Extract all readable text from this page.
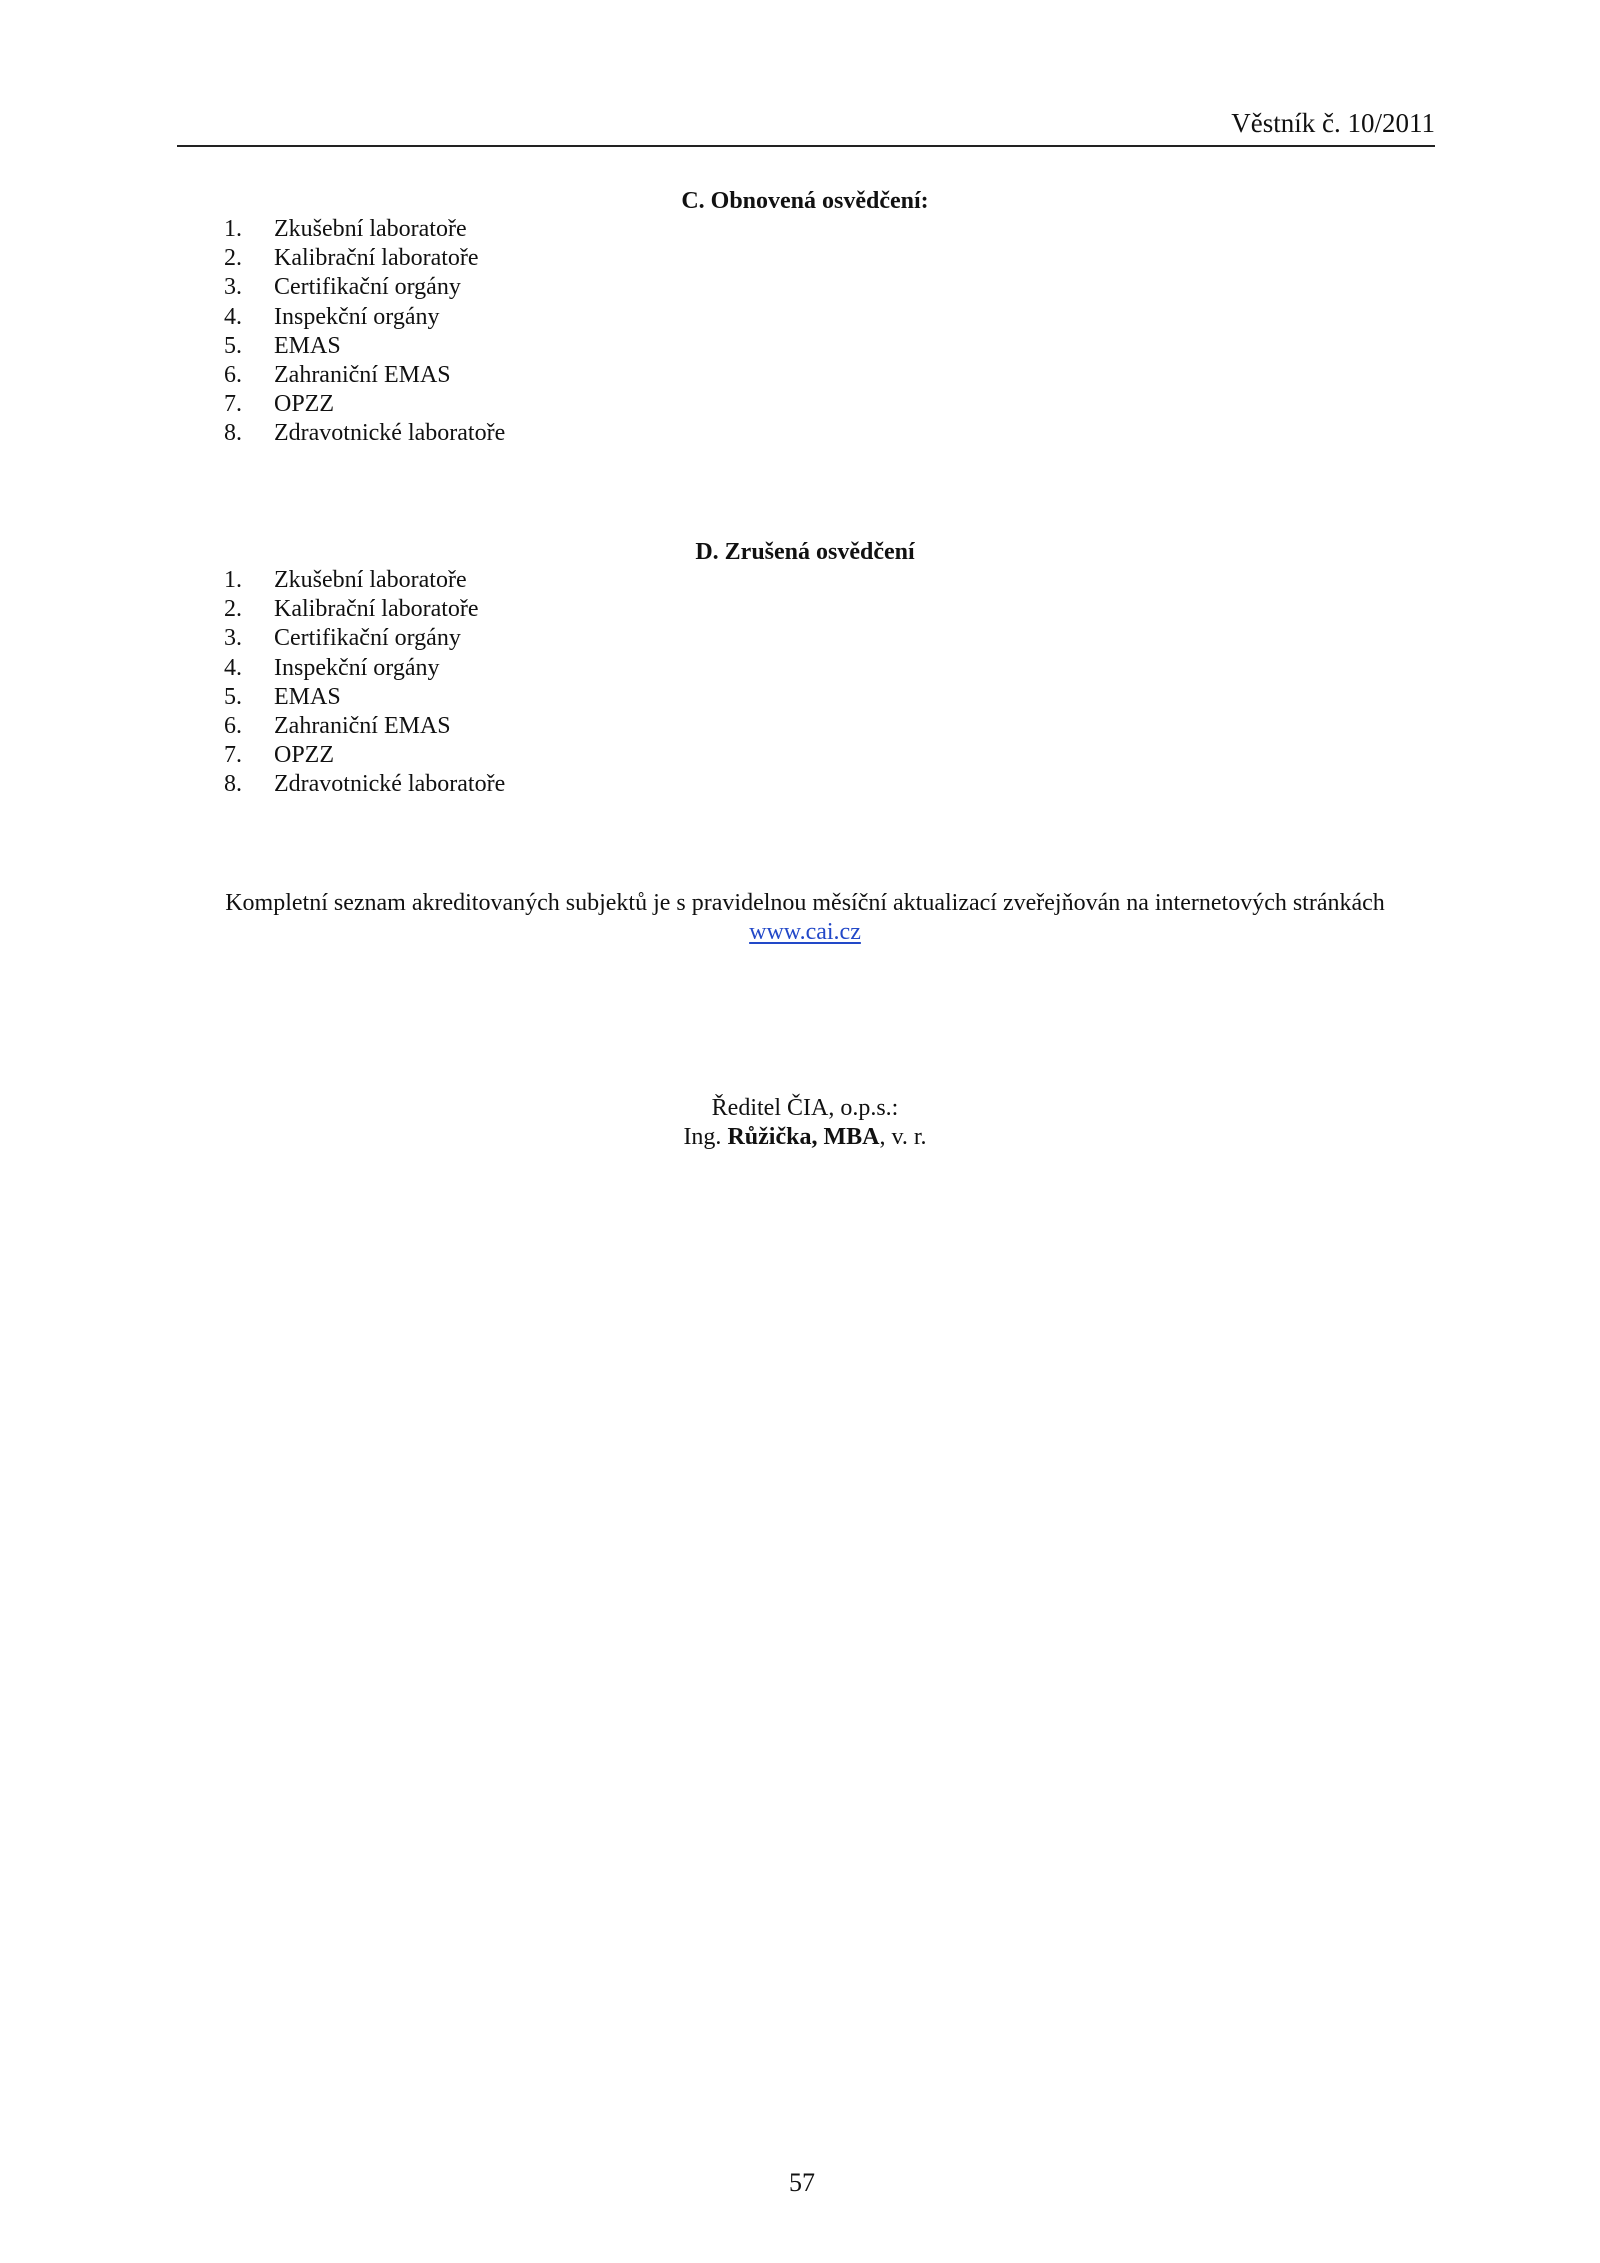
Věstník č. 10/2011
C. Obnovená osvědčení:
1. Zkušební laboratoře
2. Kalibrační laboratoře
3. Certifikační orgány
4. Inspekční orgány
5. EMAS
6. Zahraniční EMAS
7. OPZZ
8. Zdravotnické laboratoře
D. Zrušená osvědčení
1. Zkušební laboratoře
2. Kalibrační laboratoře
3. Certifikační orgány
4. Inspekční orgány
5. EMAS
6. Zahraniční EMAS
7. OPZZ
8. Zdravotnické laboratoře
Kompletní seznam akreditovaných subjektů je s pravidelnou měsíční aktualizací zveřejňován na internetových stránkách
www.cai.cz
Ředitel ČIA, o.p.s.:
Ing. Růžička, MBA, v. r.
57
